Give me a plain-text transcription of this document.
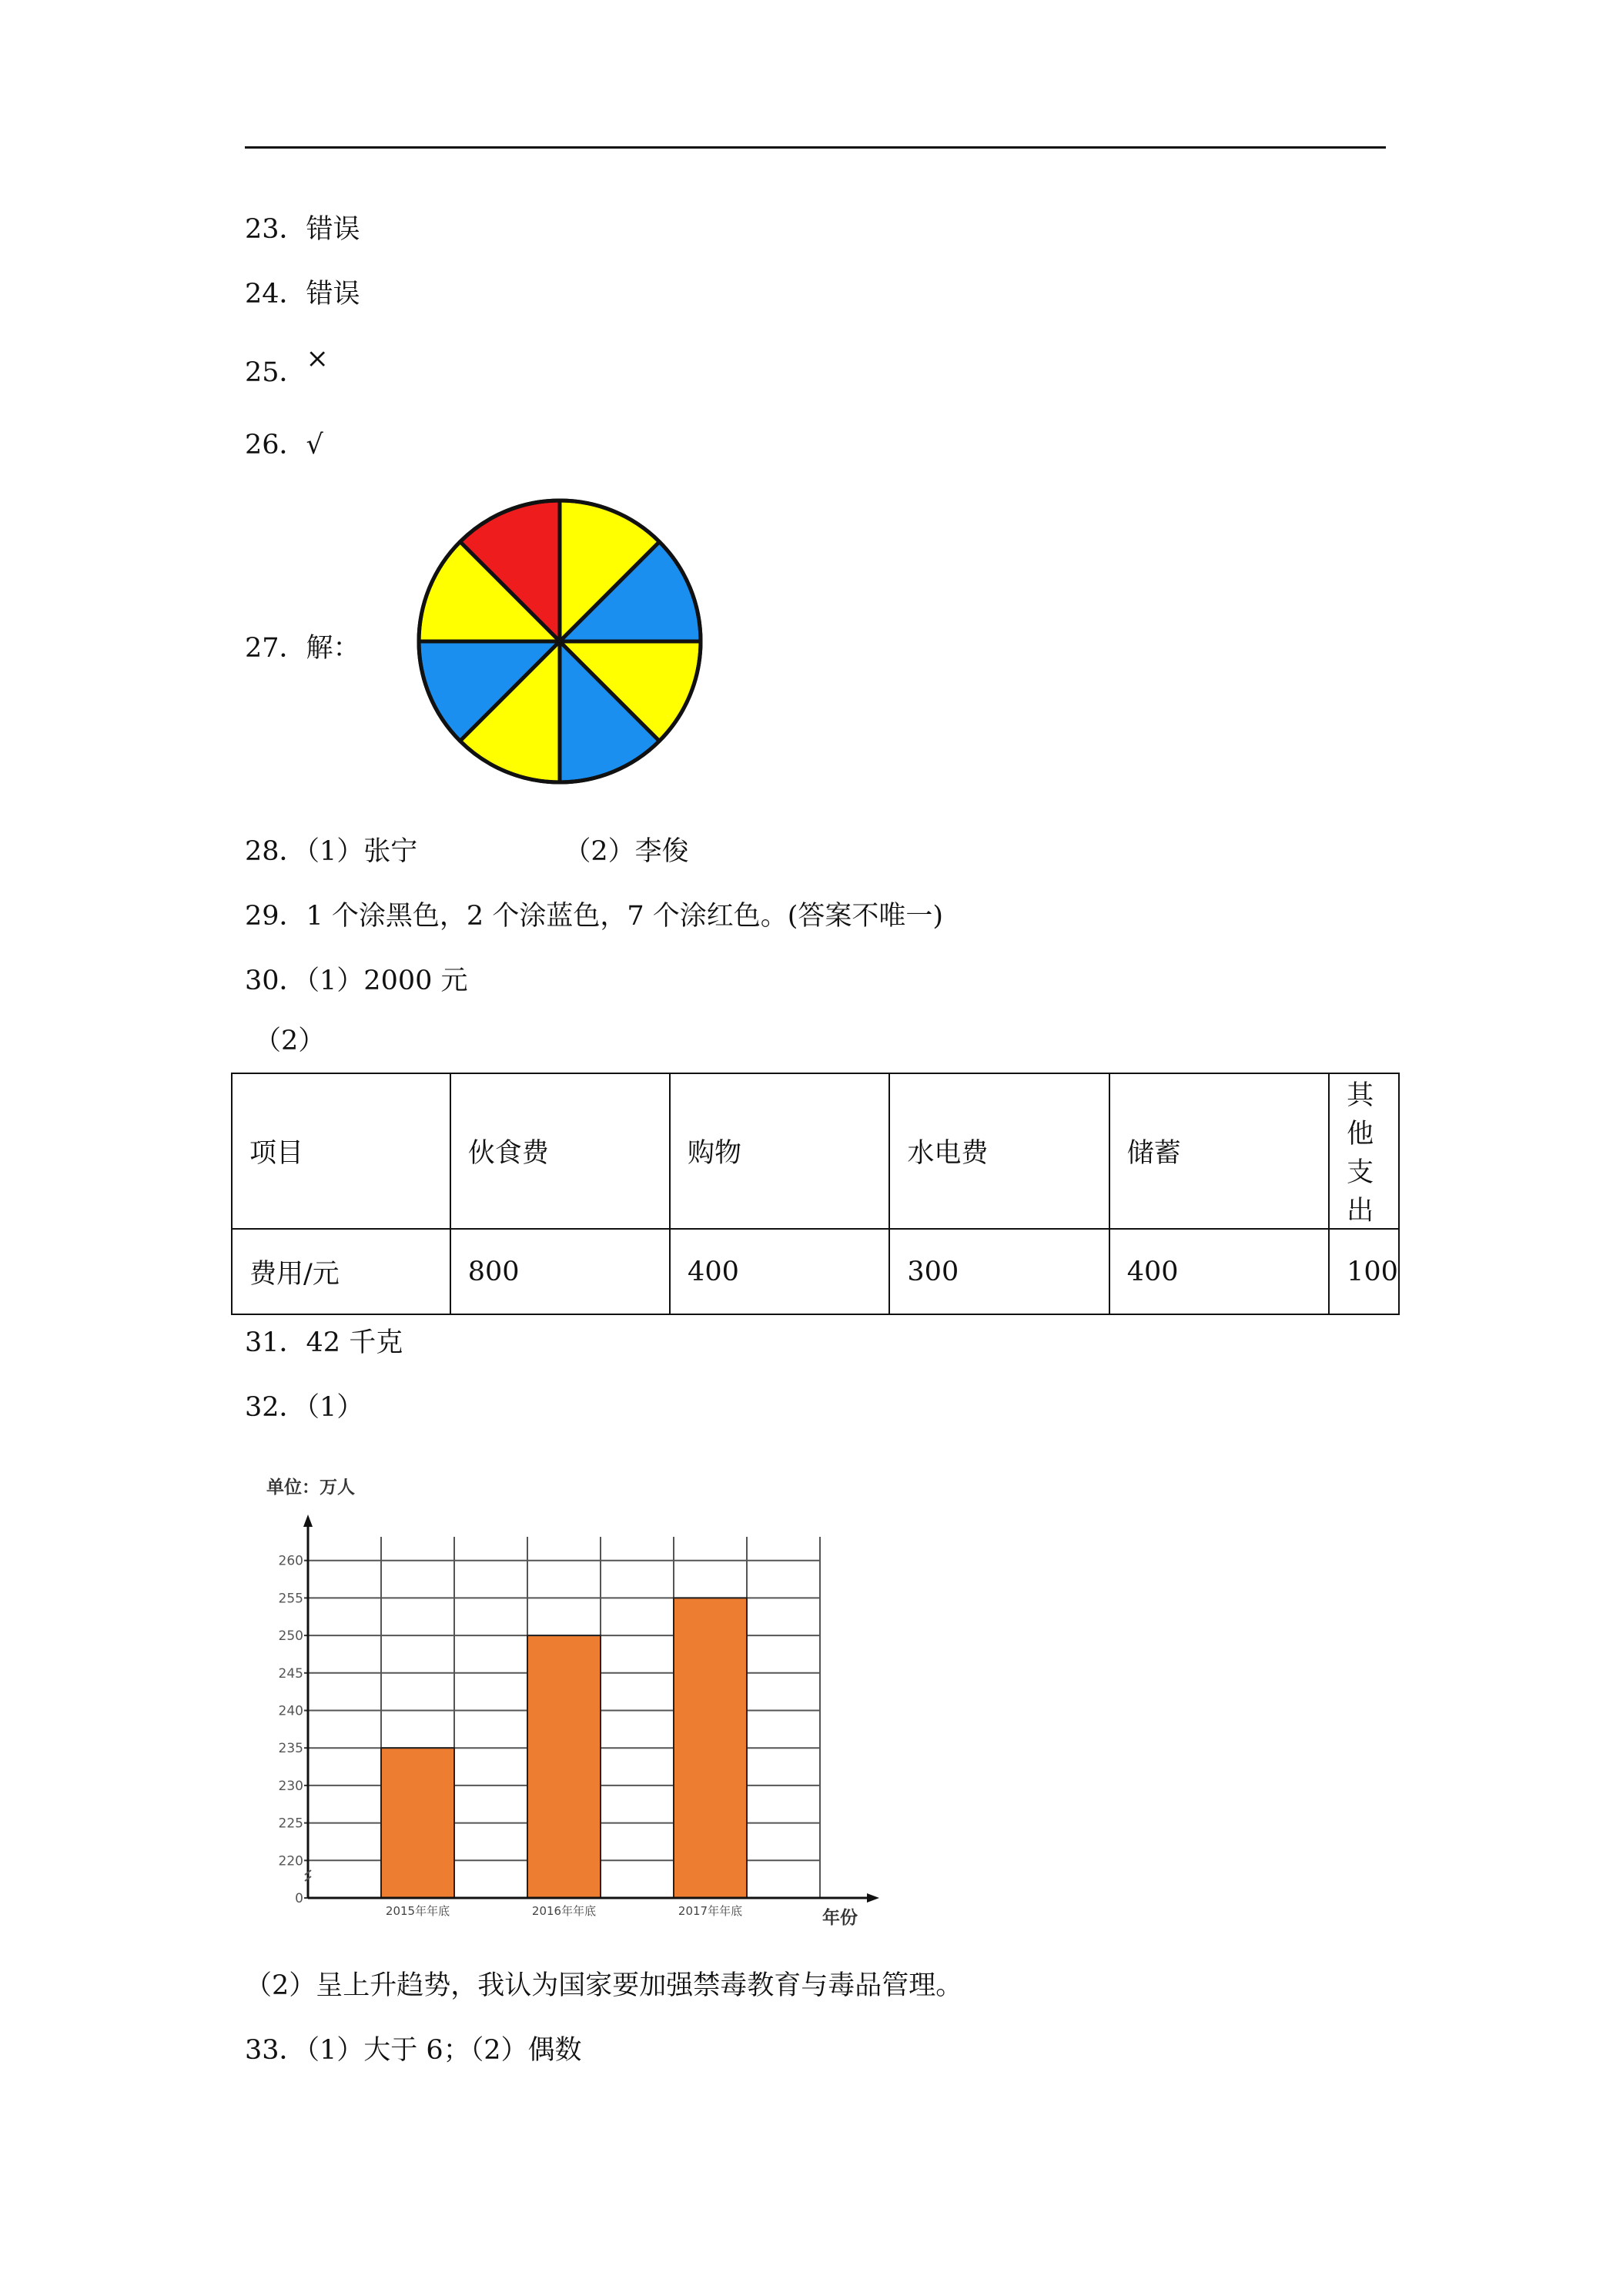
23．错误
24．错误
25．×
26．√
27．解：
28．（1）张宁	（2）李俊
29．1 个涂黑色，2 个涂蓝色，7 个涂红色。(答案不唯一)
30．（1）2000 元
（2）
项目	伙食费	购物	水电费	储蓄	其他支出
费用/元	800	400	300	400	100
31．42 千克
32．（1）
单位：万人
0
220
225
230
235
240
245
250
255
260
2015年年底	2016年年底	2017年年底	年份
（2）呈上升趋势，我认为国家要加强禁毒教育与毒品管理。
33．（1）大于 6；（2）偶数
